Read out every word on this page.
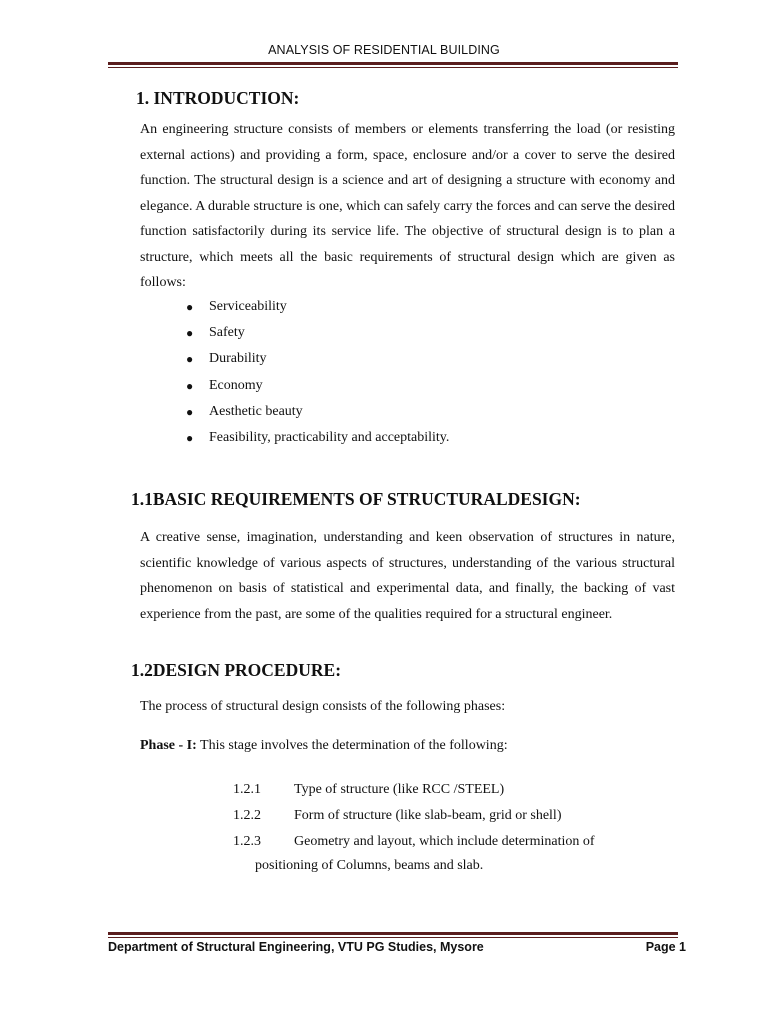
ANALYSIS OF RESIDENTIAL BUILDING
1. INTRODUCTION:

An engineering structure consists of members or elements transferring the load (or resisting external actions) and providing a form, space, enclosure and/or a cover to serve the desired function. The structural design is a science and art of designing a structure with economy and elegance. A durable structure is one, which can safely carry the forces and can serve the desired function satisfactorily during its service life. The objective of structural design is to plan a structure, which meets all the basic requirements of structural design which are given as follows:

● Serviceability
● Safety
● Durability
● Economy
● Aesthetic beauty
● Feasibility, practicability and acceptability.
1.1BASIC REQUIREMENTS OF STRUCTURALDESIGN:

A creative sense, imagination, understanding and keen observation of structures in nature, scientific knowledge of various aspects of structures, understanding of the various structural phenomenon on basis of statistical and experimental data, and finally, the backing of vast experience from the past, are some of the qualities required for a structural engineer.

1.2DESIGN PROCEDURE:

The process of structural design consists of the following phases:

Phase - I: This stage involves the determination of the following:

1.2.1 Type of structure (like RCC /STEEL)
1.2.2 Form of structure (like slab-beam, grid or shell)
1.2.3 Geometry and layout, which include determination of
positioning of Columns, beams and slab.
Department of Structural Engineering, VTU PG Studies, Mysore	Page 1
